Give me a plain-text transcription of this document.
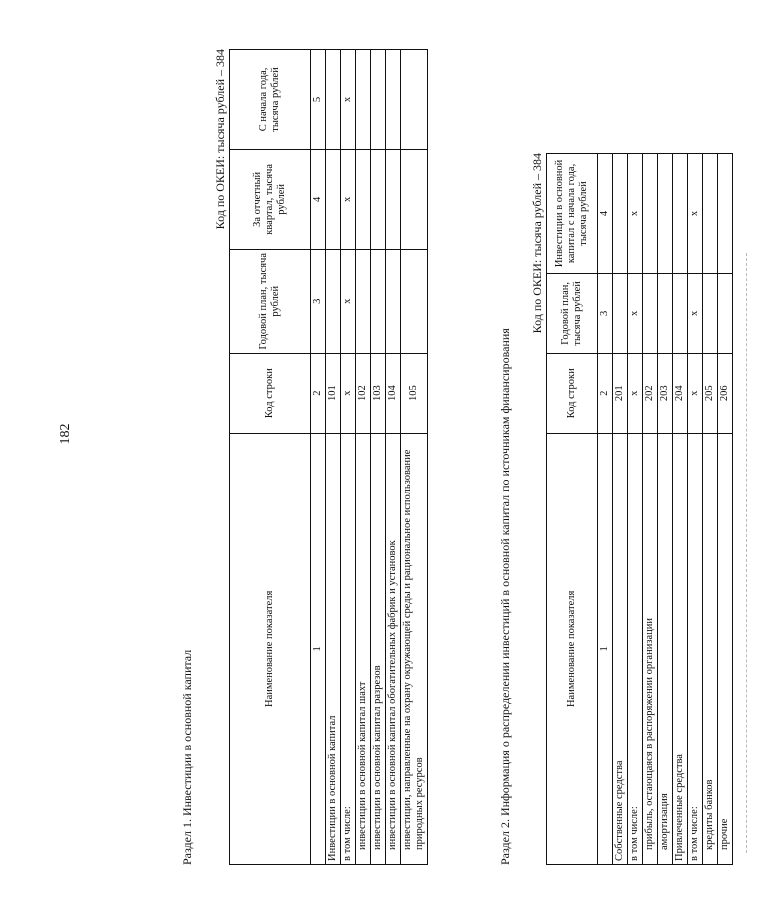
182
Раздел 1. Инвестиции в основной капитал
Код по ОКЕИ: тысяча рублей – 384
Наименование показателя	Код строки	Годовой план, тысяча рублей	За отчетный квартал, тысяча рублей	С начала года, тысяча рублей
1	2	3	4	5
Инвестиции в основной капитал	101			
в том числе:	х	х	х	х
инвестиции в основной капитал шахт	102			
инвестиции в основной капитал разрезов	103			
инвестиции в основной капитал обогатительных фабрик и установок	104			
инвестиции, направленные на охрану окружающей среды и рациональное использование природных ресурсов	105				Раздел 2. Информация о распределении инвестиций в основной капитал по источникам финансирования
Код по ОКЕИ: тысяча рублей – 384
Наименование показателя	Код строки	Годовой план, тысяча рублей	Инвестиции в основной капитал с начала года, тысяча рублей
1	2	3	4
Собственные средства	201		
в том числе:	х	х	х
прибыль, остающаяся в распоряжении организации	202		
амортизация	203		
Привлеченные средства	204		
в том числе:	х	х	х
кредиты банков	205		
прочие	206		
